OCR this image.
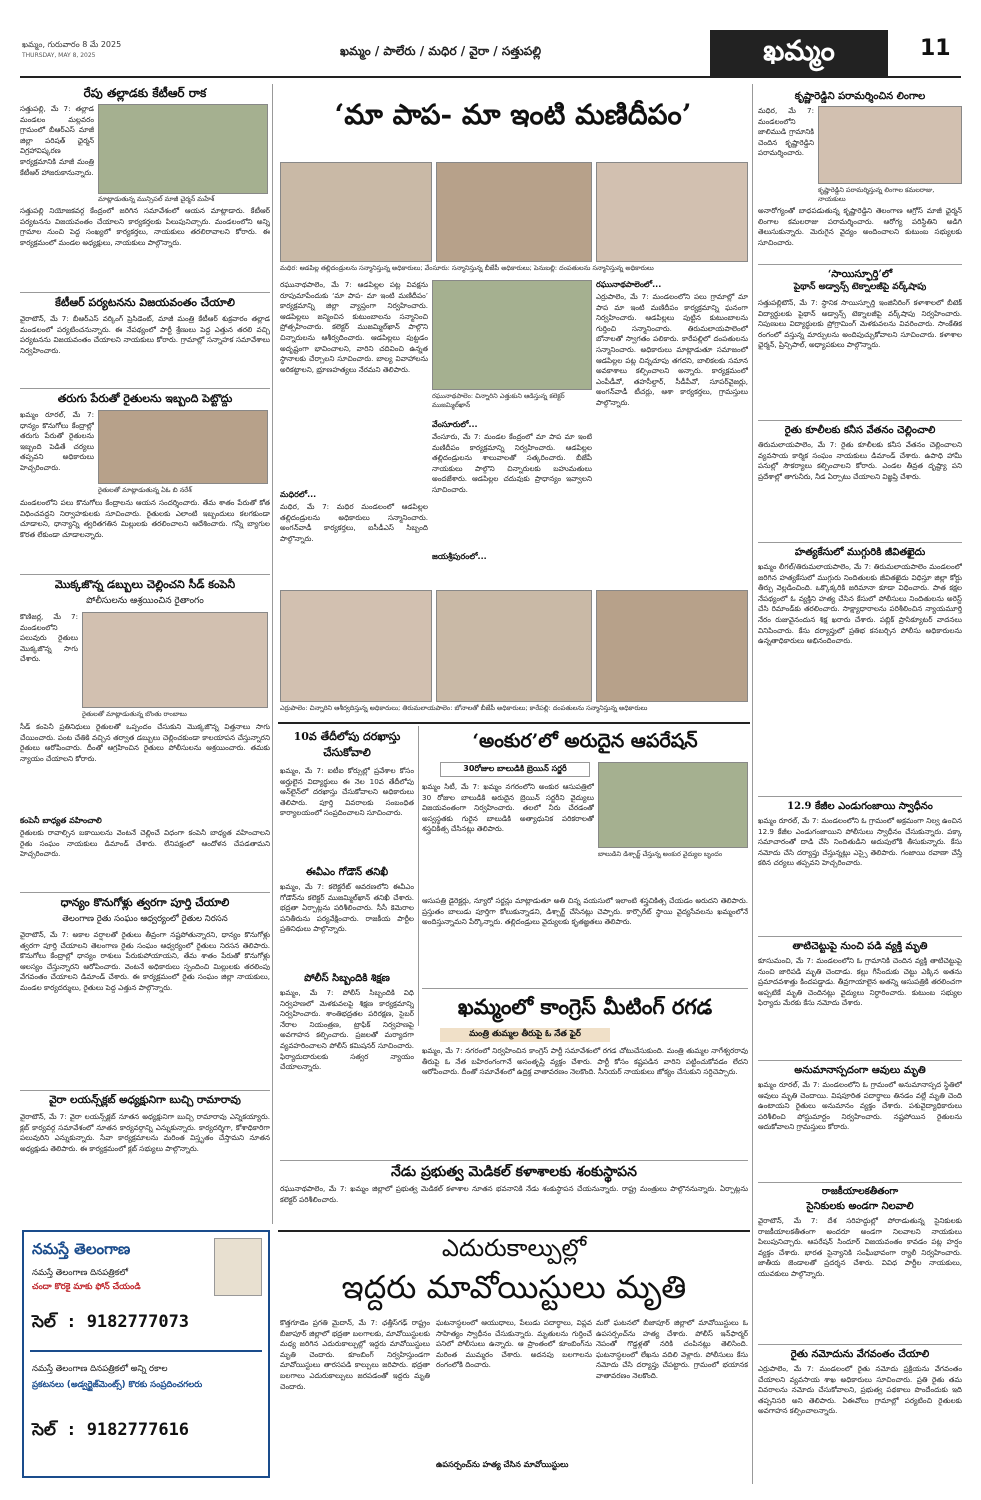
ఖమ్మం, గురువారం 8 మే 2025
THURSDAY, MAY 8, 2025	ఖమ్మం / పాలేరు / మధిర / వైరా / సత్తుపల్లి	ఖమ్మం	11
రేపు తల్లాడకు కేటీఆర్ రాక
మాట్లాడుతున్న మున్సిపల్ మాజీ చైర్మన్ మహేశ్
సత్తుపల్లి, మే 7: తల్లాడ మండలం మల్లవరం గ్రామంలో బీఆర్ఎస్ మాజీ జిల్లా పరిషత్ ఛైర్మన్ విగ్రహావిష్కరణ కార్యక్రమానికి మాజీ మంత్రి కేటీఆర్ హాజరుకానున్నారు.
సత్తుపల్లి నియోజకవర్గ కేంద్రంలో జరిగిన సమావేశంలో ఆయన మాట్లాడారు. కేటీఆర్ పర్యటనను విజయవంతం చేయాలని కార్యకర్తలకు పిలుపునిచ్చారు. మండలంలోని అన్ని గ్రామాల నుంచి పెద్ద సంఖ్యలో కార్యకర్తలు, నాయకులు తరలిరావాలని కోరారు. ఈ కార్యక్రమంలో మండల అధ్యక్షులు, నాయకులు పాల్గొన్నారు.
కేటీఆర్ పర్యటనను విజయవంతం చేయాలి
వైరాటౌన్, మే 7: బీఆర్ఎస్ వర్కింగ్ ప్రెసిడెంట్, మాజీ మంత్రి కేటీఆర్ శుక్రవారం తల్లాడ మండలంలో పర్యటించనున్నారు. ఈ నేపథ్యంలో పార్టీ శ్రేణులు పెద్ద ఎత్తున తరలి వచ్చి పర్యటనను విజయవంతం చేయాలని నాయకులు కోరారు. గ్రామాల్లో సన్నాహక సమావేశాలు నిర్వహించారు.
తరుగు పేరుతో రైతులను ఇబ్బంది పెట్టొద్దు
ఖమ్మం రూరల్, మే 7: ధాన్యం కొనుగోలు కేంద్రాల్లో తరుగు పేరుతో రైతులను ఇబ్బంది పెడితే చర్యలు తప్పవని అధికారులు హెచ్చరించారు.
రైతులతో మాట్లాడుతున్న ఏఓ బి నరేశ్
మండలంలోని పలు కొనుగోలు కేంద్రాలను ఆయన సందర్శించారు. తేమ శాతం పేరుతో కోత విధించవద్దని నిర్వాహకులకు సూచించారు. రైతులకు ఎలాంటి ఇబ్బందులు కలగకుండా చూడాలని, ధాన్యాన్ని త్వరితగతిన మిల్లులకు తరలించాలని ఆదేశించారు. గన్నీ బ్యాగుల కొరత లేకుండా చూడాలన్నారు.
మొక్కజొన్న డబ్బులు చెల్లించని సీడ్ కంపెనీ
పోలీసులను ఆశ్రయించిన రైతాంగం
కొణిజర్ల, మే 7: మండలంలోని పలువురు రైతులు మొక్కజొన్న సాగు చేశారు.
రైతులతో మాట్లాడుతున్న బొంతు రాంబాబు
సీడ్ కంపెనీ ప్రతినిధులు రైతులతో ఒప్పందం చేసుకుని మొక్కజొన్న విత్తనాలు సాగు చేయించారు. పంట చేతికి వచ్చిన తర్వాత డబ్బులు చెల్లించకుండా కాలయాపన చేస్తున్నారని రైతులు ఆరోపించారు. దీంతో ఆగ్రహించిన రైతులు పోలీసులను ఆశ్రయించారు. తమకు న్యాయం చేయాలని కోరారు.
కంపెనీ బాధ్యత వహించాలి
రైతులకు రావాల్సిన బకాయిలను వెంటనే చెల్లించే విధంగా కంపెనీ బాధ్యత వహించాలని రైతు సంఘం నాయకులు డిమాండ్ చేశారు. లేనిపక్షంలో ఆందోళన చేపడతామని హెచ్చరించారు.
ధాన్యం కొనుగోళ్లు త్వరగా పూర్తి చేయాలి
తెలంగాణ రైతు సంఘం ఆధ్వర్యంలో రైతుల నిరసన
వైరాటౌన్, మే 7: అకాల వర్షాలతో రైతులు తీవ్రంగా నష్టపోతున్నారని, ధాన్యం కొనుగోళ్లు త్వరగా పూర్తి చేయాలని తెలంగాణ రైతు సంఘం ఆధ్వర్యంలో రైతులు నిరసన తెలిపారు. కొనుగోలు కేంద్రాల్లో ధాన్యం రాశులు పేరుకుపోయాయని, తేమ శాతం పేరుతో కొనుగోళ్లు ఆలస్యం చేస్తున్నారని ఆరోపించారు. వెంటనే అధికారులు స్పందించి మిల్లులకు తరలింపు వేగవంతం చేయాలని డిమాండ్ చేశారు. ఈ కార్యక్రమంలో రైతు సంఘం జిల్లా నాయకులు, మండల కార్యదర్శులు, రైతులు పెద్ద ఎత్తున పాల్గొన్నారు.
వైరా లయన్స్‌క్లబ్ అధ్యక్షునిగా బుచ్చి రామారావు
వైరాటౌన్, మే 7: వైరా లయన్స్‌క్లబ్ నూతన అధ్యక్షునిగా బుచ్చి రామారావు ఎన్నికయ్యారు. క్లబ్ కార్యవర్గ సమావేశంలో నూతన కార్యవర్గాన్ని ఎన్నుకున్నారు. కార్యదర్శిగా, కోశాధికారిగా పలువురిని ఎన్నుకున్నారు. సేవా కార్యక్రమాలను మరింత విస్తృతం చేస్తామని నూతన అధ్యక్షుడు తెలిపారు. ఈ కార్యక్రమంలో క్లబ్ సభ్యులు పాల్గొన్నారు.
నమస్తే తెలంగాణ
నమస్తే తెలంగాణ దినపత్రికలో
చందా కొరకై మాకు ఫోన్ చేయండి
సెల్ : 9182777073
నమస్తే తెలంగాణ దినపత్రికలో అన్ని రకాల
ప్రకటనలు (అడ్వర్టైజ్‌మెంట్స్) కొరకు సంప్రదించగలరు
సెల్ : 9182777616
‘మా పాప- మా ఇంటి మణిదీపం’
మధిర: ఆడపిల్ల తల్లిదండ్రులను సన్మానిస్తున్న అధికారులు; వేంసూరు: సన్మానిస్తున్న బీజేపీ అధికారులు; పెనుబల్లి: దంపతులను సన్మానిస్తున్న అధికారులు
రఘునాథపాలెం, మే 7: ఆడపిల్లల పట్ల వివక్షను రూపుమాపేందుకు ‘మా పాప- మా ఇంటి మణిదీపం’ కార్యక్రమాన్ని జిల్లా వ్యాప్తంగా నిర్వహించారు. ఆడపిల్లలు జన్మించిన కుటుంబాలను సన్మానించి ప్రోత్సహించారు. కలెక్టర్ ముజమ్మిల్‌ఖాన్ పాల్గొని చిన్నారులను ఆశీర్వదించారు. ఆడపిల్లలు పుట్టడం అదృష్టంగా భావించాలని, వారిని చదివించి ఉన్నత స్థానాలకు చేర్చాలని సూచించారు. బాల్య వివాహాలను అరికట్టాలని, భ్రూణహత్యలు నేరమని తెలిపారు.
మధిరలో...
మధిర, మే 7: మధిర మండలంలో ఆడపిల్లల తల్లిదండ్రులను అధికారులు సన్మానించారు. అంగన్‌వాడీ కార్యకర్తలు, ఐసీడీఎస్ సిబ్బంది పాల్గొన్నారు.
రఘునాథపాలెం: చిన్నారిని ఎత్తుకుని ఆడిస్తున్న కలెక్టర్ ముజమ్మిల్‌ఖాన్
వేంసూరులో...
వేంసూరు, మే 7: మండల కేంద్రంలో మా పాప మా ఇంటి మణిదీపం కార్యక్రమాన్ని నిర్వహించారు. ఆడపిల్లల తల్లిదండ్రులను శాలువాలతో సత్కరించారు. బీజేపీ నాయకులు పాల్గొని చిన్నారులకు బహుమతులు అందజేశారు. ఆడపిల్లల చదువుకు ప్రాధాన్యం ఇవ్వాలని సూచించారు.
జయశ్రీపురంలో...
రఘునాథపాలెంలో...
ఎర్రుపాలెం, మే 7: మండలంలోని పలు గ్రామాల్లో మా పాప మా ఇంటి మణిదీపం కార్యక్రమాన్ని ఘనంగా నిర్వహించారు. ఆడపిల్లలు పుట్టిన కుటుంబాలను గుర్తించి సన్మానించారు. తిరుమలాయపాలెంలో బోనాలతో స్వాగతం పలికారు. కారేపల్లిలో దంపతులను సన్మానించారు. అధికారులు మాట్లాడుతూ సమాజంలో ఆడపిల్లల పట్ల చిన్నచూపు తగదని, బాలికలకు సమాన అవకాశాలు కల్పించాలని అన్నారు. కార్యక్రమంలో ఎంపీడీవో, తహసీల్దార్, సీడీపీవో, సూపర్‌వైజర్లు, అంగన్‌వాడీ టీచర్లు, ఆశా కార్యకర్తలు, గ్రామస్తులు పాల్గొన్నారు.
ఎర్రుపాలెం: చిన్నారిని ఆశీర్వదిస్తున్న అధికారులు; తిరుమలాయపాలెం: బోనాలతో బీజేపీ అధికారులు; కారేపల్లి: దంపతులను సన్మానిస్తున్న అధికారులు
10వ తేదీలోపు దరఖాస్తు చేసుకోవాలి
ఖమ్మం, మే 7: ఐటీఐ కోర్సుల్లో ప్రవేశాల కోసం అర్హులైన విద్యార్థులు ఈ నెల 10వ తేదీలోపు ఆన్‌లైన్‌లో దరఖాస్తు చేసుకోవాలని అధికారులు తెలిపారు. పూర్తి వివరాలకు సంబంధిత కార్యాలయంలో సంప్రదించాలని సూచించారు.
ఈవీఎం గోడౌన్ తనిఖీ
ఖమ్మం, మే 7: కలెక్టరేట్ ఆవరణలోని ఈవీఎం గోడౌన్‌ను కలెక్టర్ ముజమ్మిల్‌ఖాన్ తనిఖీ చేశారు. భద్రతా ఏర్పాట్లను పరిశీలించారు. సీసీ కెమెరాల పనితీరును పర్యవేక్షించారు. రాజకీయ పార్టీల ప్రతినిధులు పాల్గొన్నారు.
పోలీస్ సిబ్బందికి శిక్షణ
ఖమ్మం, మే 7: పోలీస్ సిబ్బందికి విధి నిర్వహణలో మెళకువలపై శిక్షణ కార్యక్రమాన్ని నిర్వహించారు. శాంతిభద్రతల పరిరక్షణ, సైబర్ నేరాల నియంత్రణ, ట్రాఫిక్ నిర్వహణపై అవగాహన కల్పించారు. ప్రజలతో మర్యాదగా వ్యవహరించాలని పోలీస్ కమిషనర్ సూచించారు. ఫిర్యాదుదారులకు సత్వర న్యాయం చేయాలన్నారు.
‘అంకుర’లో అరుదైన ఆపరేషన్
30రోజుల బాలుడికి బ్రెయిన్ సర్జరీ
ఖమ్మం సిటీ, మే 7: ఖమ్మం నగరంలోని అంకుర ఆసుపత్రిలో 30 రోజుల బాలుడికి అరుదైన బ్రెయిన్ సర్జరీని వైద్యులు విజయవంతంగా నిర్వహించారు. తలలో నీరు చేరడంతో అస్వస్థతకు గురైన బాలుడికి అత్యాధునిక పరికరాలతో శస్త్రచికిత్స చేసినట్లు తెలిపారు.
బాలుడిని డిశ్చార్జ్ చేస్తున్న అంకుర వైద్యుల బృందం
ఆసుపత్రి డైరెక్టర్లు, న్యూరో సర్జన్లు మాట్లాడుతూ అతి చిన్న వయసులో ఇలాంటి శస్త్రచికిత్స చేయడం అరుదని తెలిపారు. ప్రస్తుతం బాలుడు పూర్తిగా కోలుకున్నాడని, డిశ్చార్జ్ చేసినట్లు చెప్పారు. కార్పొరేట్ స్థాయి వైద్యసేవలను ఖమ్మంలోనే అందిస్తున్నామని పేర్కొన్నారు. తల్లిదండ్రులు వైద్యులకు కృతజ్ఞతలు తెలిపారు.
ఖమ్మంలో కాంగ్రెస్ మీటింగ్ రగడ
మంత్రి తుమ్మల తీరుపై ఓ నేత ఫైర్
ఖమ్మం, మే 7: నగరంలో నిర్వహించిన కాంగ్రెస్ పార్టీ సమావేశంలో రగడ చోటుచేసుకుంది. మంత్రి తుమ్మల నాగేశ్వరరావు తీరుపై ఓ నేత బహిరంగంగానే అసంతృప్తి వ్యక్తం చేశారు. పార్టీ కోసం కష్టపడిన వారిని పట్టించుకోవడం లేదని ఆరోపించారు. దీంతో సమావేశంలో ఉద్రిక్త వాతావరణం నెలకొంది. సీనియర్ నాయకులు జోక్యం చేసుకుని సర్దిచెప్పారు.
నేడు ప్రభుత్వ మెడికల్ కళాశాలకు శంకుస్థాపన
రఘునాథపాలెం, మే 7: ఖమ్మం జిల్లాలో ప్రభుత్వ మెడికల్ కళాశాల నూతన భవనానికి నేడు శంకుస్థాపన చేయనున్నారు. రాష్ట్ర మంత్రులు పాల్గొననున్నారు. ఏర్పాట్లను కలెక్టర్ పరిశీలించారు.
ఎదురుకాల్పుల్లో
ఇద్దరు మావోయిస్టులు మృతి
కొత్తగూడెం ప్రగతి మైదాన్, మే 7: ఛత్తీస్‌గఢ్ రాష్ట్రం బీజాపూర్ జిల్లాలో భద్రతా బలగాలకు, మావోయిస్టులకు మధ్య జరిగిన ఎదురుకాల్పుల్లో ఇద్దరు మావోయిస్టులు మృతి చెందారు. కూంబింగ్ నిర్వహిస్తుండగా మావోయిస్టులు తారసపడి కాల్పులు జరిపారు. భద్రతా బలగాలు ఎదురుకాల్పులు జరపడంతో ఇద్దరు మృతి చెందారు.
ఘటనాస్థలంలో ఆయుధాలు, పేలుడు పదార్థాలు, విప్లవ సాహిత్యం స్వాధీనం చేసుకున్నారు. మృతులను గుర్తించే పనిలో పోలీసులు ఉన్నారు. ఆ ప్రాంతంలో కూంబింగ్‌ను మరింత ముమ్మరం చేశారు. అదనపు బలగాలను రంగంలోకి దించారు.
ఉపసర్పంచ్‌ను హత్య చేసిన మావోయిస్టులు
మరో ఘటనలో బీజాపూర్ జిల్లాలో మావోయిస్టులు ఓ ఉపసర్పంచ్‌ను హత్య చేశారు. పోలీస్ ఇన్‌ఫార్మర్ నెపంతో గొడ్డళ్లతో నరికి చంపినట్లు తెలిసింది. ఘటనాస్థలంలో లేఖను వదిలి వెళ్లారు. పోలీసులు కేసు నమోదు చేసి దర్యాప్తు చేపట్టారు. గ్రామంలో భయానక వాతావరణం నెలకొంది.
కృష్ణారెడ్డిని పరామర్శించిన లింగాల
మధిర, మే 7: మండలంలోని జాలిముడి గ్రామానికి చెందిన కృష్ణారెడ్డిని పరామర్శించారు.
కృష్ణారెడ్డిని పరామర్శిస్తున్న లింగాల కమలరాజు, నాయకులు
అనారోగ్యంతో బాధపడుతున్న కృష్ణారెడ్డిని తెలంగాణ ఆగ్రోస్ మాజీ ఛైర్మన్ లింగాల కమలరాజు పరామర్శించారు. ఆరోగ్య పరిస్థితిని అడిగి తెలుసుకున్నారు. మెరుగైన వైద్యం అందించాలని కుటుంబ సభ్యులకు సూచించారు.
‘సాయిస్ఫూర్తి’లో
పైథాన్ అడ్వాన్స్ టెక్నాలజీపై వర్క్‌షాపు
సత్తుపల్లిటౌన్, మే 7: స్థానిక సాయిస్ఫూర్తి ఇంజినీరింగ్ కళాశాలలో బీటెక్ విద్యార్థులకు పైథాన్ అడ్వాన్స్ టెక్నాలజీపై వర్క్‌షాపు నిర్వహించారు. నిపుణులు విద్యార్థులకు ప్రోగ్రామింగ్ మెళకువలను వివరించారు. సాంకేతిక రంగంలో వస్తున్న మార్పులను అందిపుచ్చుకోవాలని సూచించారు. కళాశాల ఛైర్మన్, ప్రిన్సిపాల్, అధ్యాపకులు పాల్గొన్నారు.
రైతు కూలీలకు కనీస వేతనం చెల్లించాలి
తిరుమలాయపాలెం, మే 7: రైతు కూలీలకు కనీస వేతనం చెల్లించాలని వ్యవసాయ కార్మిక సంఘం నాయకులు డిమాండ్ చేశారు. ఉపాధి హామీ పనుల్లో సౌకర్యాలు కల్పించాలని కోరారు. ఎండల తీవ్రత దృష్ట్యా పని ప్రదేశాల్లో తాగునీరు, నీడ ఏర్పాటు చేయాలని విజ్ఞప్తి చేశారు.
హత్యకేసులో ముగ్గురికి జీవితఖైదు
ఖమ్మం లీగల్/తిరుమలాయపాలెం, మే 7: తిరుమలాయపాలెం మండలంలో జరిగిన హత్యకేసులో ముగ్గురు నిందితులకు జీవితఖైదు విధిస్తూ జిల్లా కోర్టు తీర్పు వెల్లడించింది. ఒక్కొక్కరికి జరిమానా కూడా విధించారు. పాత కక్షల నేపథ్యంలో ఓ వ్యక్తిని హత్య చేసిన కేసులో పోలీసులు నిందితులను అరెస్ట్ చేసి రిమాండ్‌కు తరలించారు. సాక్ష్యాధారాలను పరిశీలించిన న్యాయమూర్తి నేరం రుజువైనందున శిక్ష ఖరారు చేశారు. పబ్లిక్ ప్రాసిక్యూటర్ వాదనలు వినిపించారు. కేసు దర్యాప్తులో ప్రతిభ కనబర్చిన పోలీసు అధికారులను ఉన్నతాధికారులు అభినందించారు.
12.9 కేజీల ఎండుగంజాయి స్వాధీనం
ఖమ్మం రూరల్, మే 7: మండలంలోని ఓ గ్రామంలో అక్రమంగా నిల్వ ఉంచిన 12.9 కేజీల ఎండుగంజాయిని పోలీసులు స్వాధీనం చేసుకున్నారు. పక్కా సమాచారంతో దాడి చేసి నిందితుడిని అదుపులోకి తీసుకున్నారు. కేసు నమోదు చేసి దర్యాప్తు చేస్తున్నట్లు ఎస్సై తెలిపారు. గంజాయి రవాణా చేస్తే కఠిన చర్యలు తప్పవని హెచ్చరించారు.
తాటిచెట్టుపై నుంచి పడి వ్యక్తి మృతి
కూసుమంచి, మే 7: మండలంలోని ఓ గ్రామానికి చెందిన వ్యక్తి తాటిచెట్టుపై నుంచి జారిపడి మృతి చెందాడు. కల్లు గీసేందుకు చెట్టు ఎక్కిన అతను ప్రమాదవశాత్తు కిందపడ్డాడు. తీవ్రగాయాలైన అతన్ని ఆసుపత్రికి తరలించగా అప్పటికే మృతి చెందినట్లు వైద్యులు నిర్ధారించారు. కుటుంబ సభ్యుల ఫిర్యాదు మేరకు కేసు నమోదు చేశారు.
అనుమానాస్పదంగా ఆవులు మృతి
ఖమ్మం రూరల్, మే 7: మండలంలోని ఓ గ్రామంలో అనుమానాస్పద స్థితిలో ఆవులు మృతి చెందాయి. విషపూరిత పదార్థాలు తినడం వల్లే మృతి చెంది ఉంటాయని రైతులు అనుమానం వ్యక్తం చేశారు. పశువైద్యాధికారులు పరిశీలించి పోస్టుమార్టం నిర్వహించారు. నష్టపోయిన రైతులను ఆదుకోవాలని గ్రామస్తులు కోరారు.
రాజకీయాలకతీతంగా
సైనికులకు అండగా నిలవాలి
వైరాటౌన్, మే 7: దేశ సరిహద్దుల్లో పోరాడుతున్న సైనికులకు రాజకీయాలకతీతంగా అందరూ అండగా నిలవాలని నాయకులు పిలుపునిచ్చారు. ఆపరేషన్ సిందూర్ విజయవంతం కావడం పట్ల హర్షం వ్యక్తం చేశారు. భారత సైన్యానికి సంఘీభావంగా ర్యాలీ నిర్వహించారు. జాతీయ జెండాలతో ప్రదర్శన చేశారు. వివిధ పార్టీల నాయకులు, యువకులు పాల్గొన్నారు.
రైతు నమోదును వేగవంతం చేయాలి
ఎర్రుపాలెం, మే 7: మండలంలో రైతు నమోదు ప్రక్రియను వేగవంతం చేయాలని వ్యవసాయ శాఖ అధికారులు సూచించారు. ప్రతి రైతు తమ వివరాలను నమోదు చేసుకోవాలని, ప్రభుత్వ పథకాలు పొందేందుకు ఇది తప్పనిసరి అని తెలిపారు. ఏఈవోలు గ్రామాల్లో పర్యటించి రైతులకు అవగాహన కల్పించాలన్నారు.
